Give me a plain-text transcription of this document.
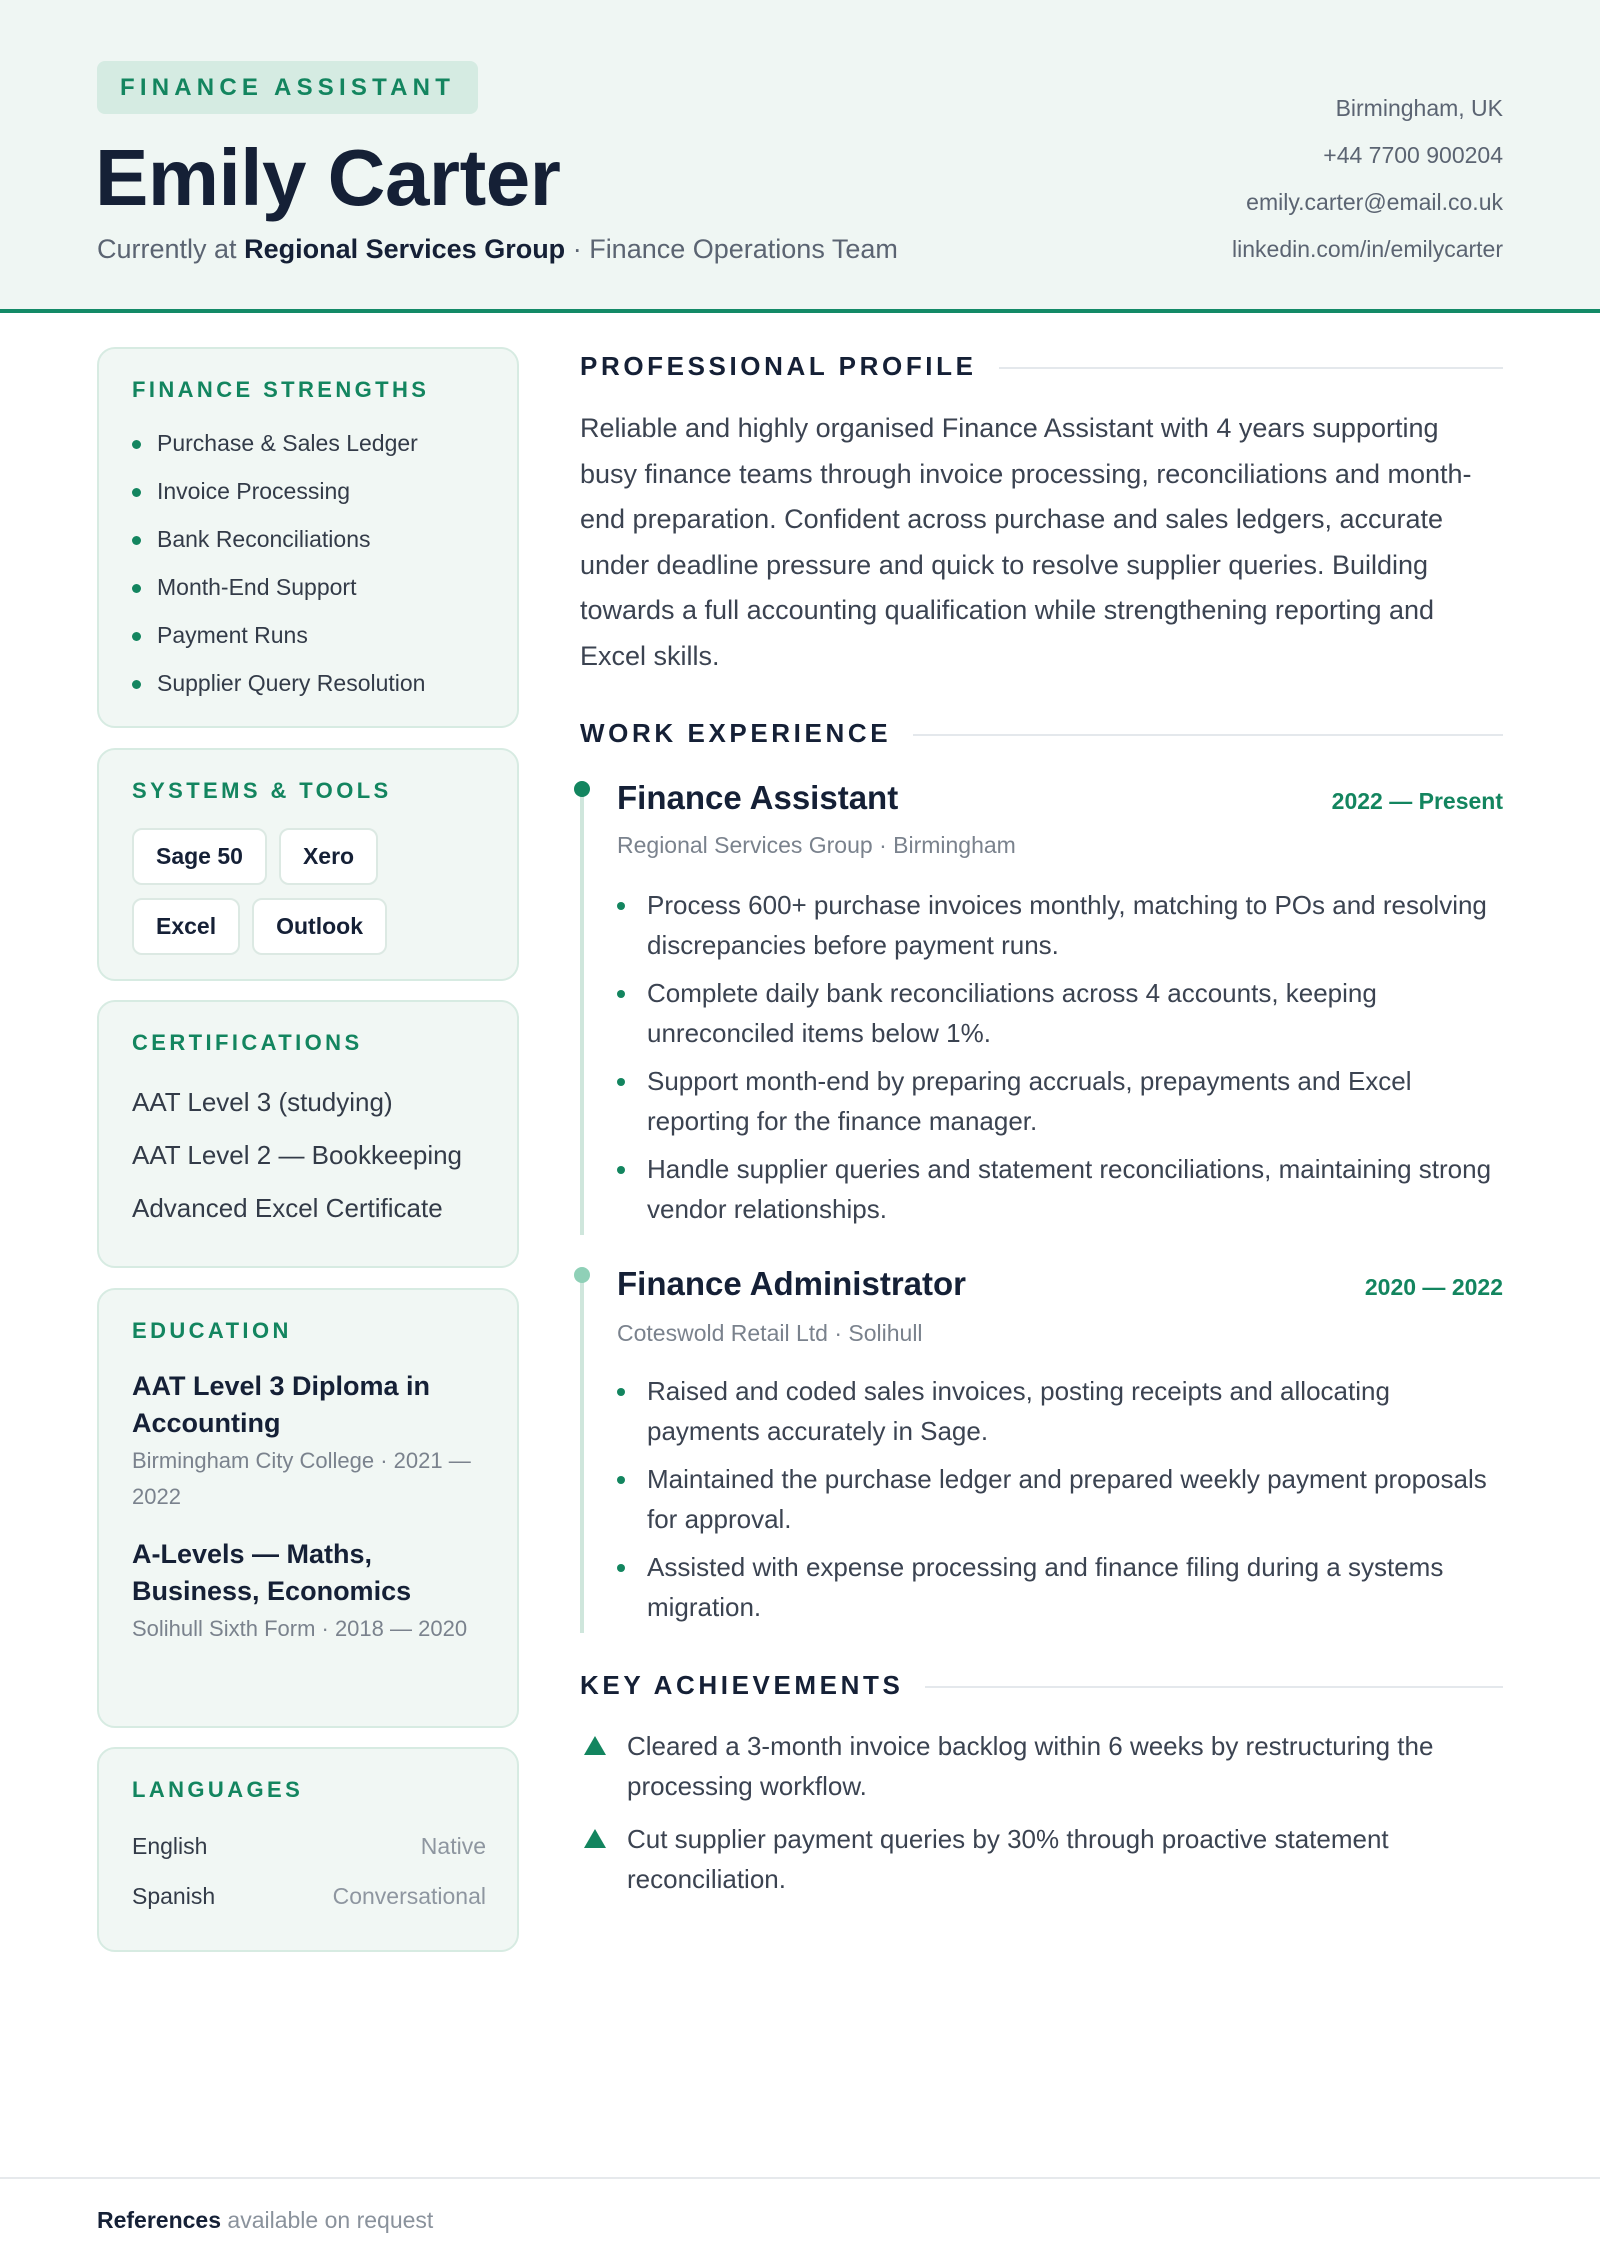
FINANCE ASSISTANT
Emily Carter
Currently at Regional Services Group · Finance Operations Team
Birmingham, UK
+44 7700 900204
emily.carter@email.co.uk
linkedin.com/in/emilycarter
FINANCE STRENGTHS
Purchase & Sales Ledger
Invoice Processing
Bank Reconciliations
Month-End Support
Payment Runs
Supplier Query Resolution
SYSTEMS & TOOLS
Sage 50	Xero
Excel	Outlook
CERTIFICATIONS
AAT Level 3 (studying)
AAT Level 2 — Bookkeeping
Advanced Excel Certificate
EDUCATION
AAT Level 3 Diploma in Accounting
Birmingham City College · 2021 — 2022
A-Levels — Maths, Business, Economics
Solihull Sixth Form · 2018 — 2020
LANGUAGES
English	Native
Spanish	Conversational
PROFESSIONAL PROFILE
Reliable and highly organised Finance Assistant with 4 years supporting busy finance teams through invoice processing, reconciliations and month-end preparation. Confident across purchase and sales ledgers, accurate under deadline pressure and quick to resolve supplier queries. Building towards a full accounting qualification while strengthening reporting and Excel skills.
WORK EXPERIENCE
Finance Assistant	2022 — Present
Regional Services Group · Birmingham
Process 600+ purchase invoices monthly, matching to POs and resolving discrepancies before payment runs.
Complete daily bank reconciliations across 4 accounts, keeping unreconciled items below 1%.
Support month-end by preparing accruals, prepayments and Excel reporting for the finance manager.
Handle supplier queries and statement reconciliations, maintaining strong vendor relationships.
Finance Administrator	2020 — 2022
Coteswold Retail Ltd · Solihull
Raised and coded sales invoices, posting receipts and allocating payments accurately in Sage.
Maintained the purchase ledger and prepared weekly payment proposals for approval.
Assisted with expense processing and finance filing during a systems migration.
KEY ACHIEVEMENTS
Cleared a 3-month invoice backlog within 6 weeks by restructuring the processing workflow.
Cut supplier payment queries by 30% through proactive statement reconciliation.
References available on request
